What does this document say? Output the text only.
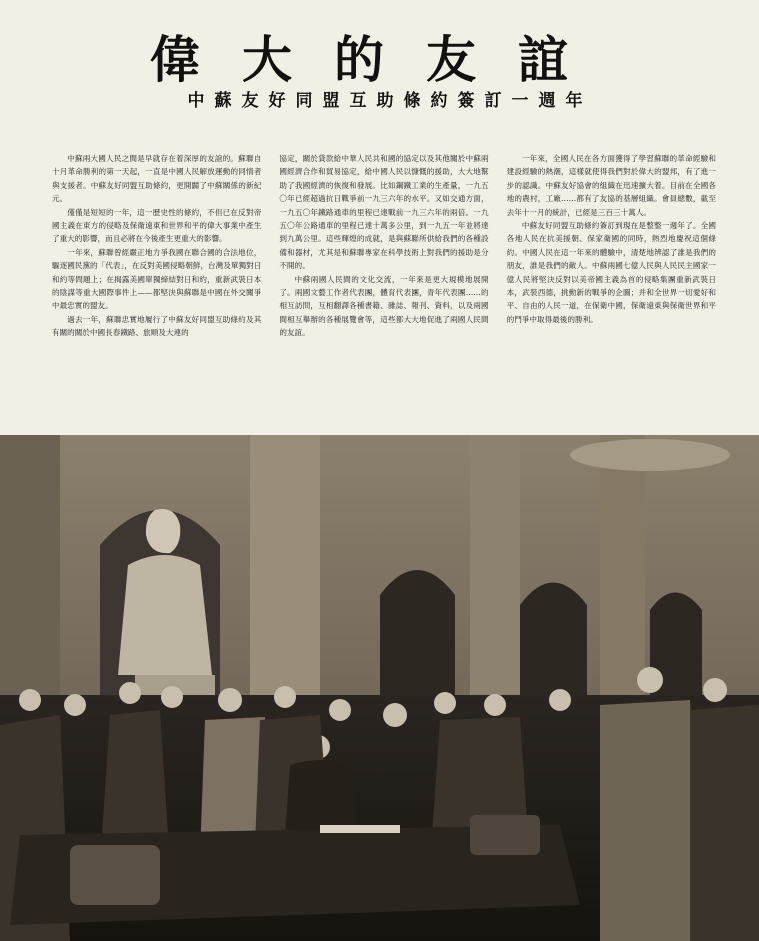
偉大的友誼
中蘇友好同盟互助條約簽訂一週年

中蘇兩大國人民之間是早就存在着深厚的友誼的。蘇聯自十月革命勝利的第一天起，一直是中國人民解放運動的同情者與支援者。中蘇友好同盟互助條約，更開闢了中蘇關係的新紀元。

僅僅是短短的一年，這一歷史性的條約，不但已在反對帝國主義在東方的侵略及保衛遠東和世界和平的偉大事業中產生了重大的影響，而且必將在今後產生更重大的影響。

一年來，蘇聯曾經嚴正地力爭我國在聯合國的合法地位，驅逐國民黨的「代表」，在反對美國侵略朝鮮，台灣及單獨對日和約等問題上；在揭露美國單獨締結對日和約，重新武裝日本的陰謀等重大國際事件上——都堅決與蘇聯是中國在外交關爭中最忠實的盟友。

過去一年，蘇聯忠實地履行了中蘇友好同盟互助條約及其有關的關於中國長春鐵路、旅順及大連的

協定，關於貸款給中華人民共和國的協定以及其他關於中蘇兩國經濟合作和貿易協定，給中國人民以慷慨的援助，大大地幫助了我國經濟的恢復和發展。比如鋼鐵工業的生產量，一九五〇年已經超過抗日戰爭前一九三六年的水平。又如交通方面，一九五〇年鐵路通車的里程已達戰前一九三六年的兩倍。一九五〇年公路通車的里程已達十萬多公里，到一九五一年並將達到九萬公里。這些輝煌的成就，是與蘇聯所供給我們的各種設備和器材，尤其是和蘇聯專家在科學技術上對我們的援助是分不開的。

中蘇兩國人民間的文化交流，一年來是更大規模地展開了。兩國文藝工作者代表團，體育代表團，青年代表團……的相互訪問，互相翻譯各種書籍、雜誌、報刊、資料，以及兩國間相互舉辦的各種展覽會等，這些都大大地促進了兩國人民間的友誼。

一年來，全國人民在各方面獲得了學習蘇聯的革命經驗和建設經驗的熱潮，這樣就使得我們對於偉大的盟邦，有了進一步的認識。中蘇友好協會的組織在迅速擴大着。目前在全國各地的農村，工廠……都有了友協的基層組織。會員總數，截至去年十一月的統計，已經是三百三十萬人。

中蘇友好同盟互助條約簽訂到現在是整整一週年了。全國各地人民在抗美援朝、保家衛國的同時，熱烈地慶祝這個條約。中國人民在這一年來的體驗中，清楚地辨認了誰是我們的朋友，誰是我們的敵人。中蘇兩國七億人民與人民民主國家一億人民將堅決反對以美帝國主義為首的侵略集團重新武裝日本，武裝西德，挑動新的戰爭的企圖；并和全世界一切愛好和平、自由的人民一道，在保衛中國，保衛遠東與保衛世界和平的鬥爭中取得最後的勝利。
